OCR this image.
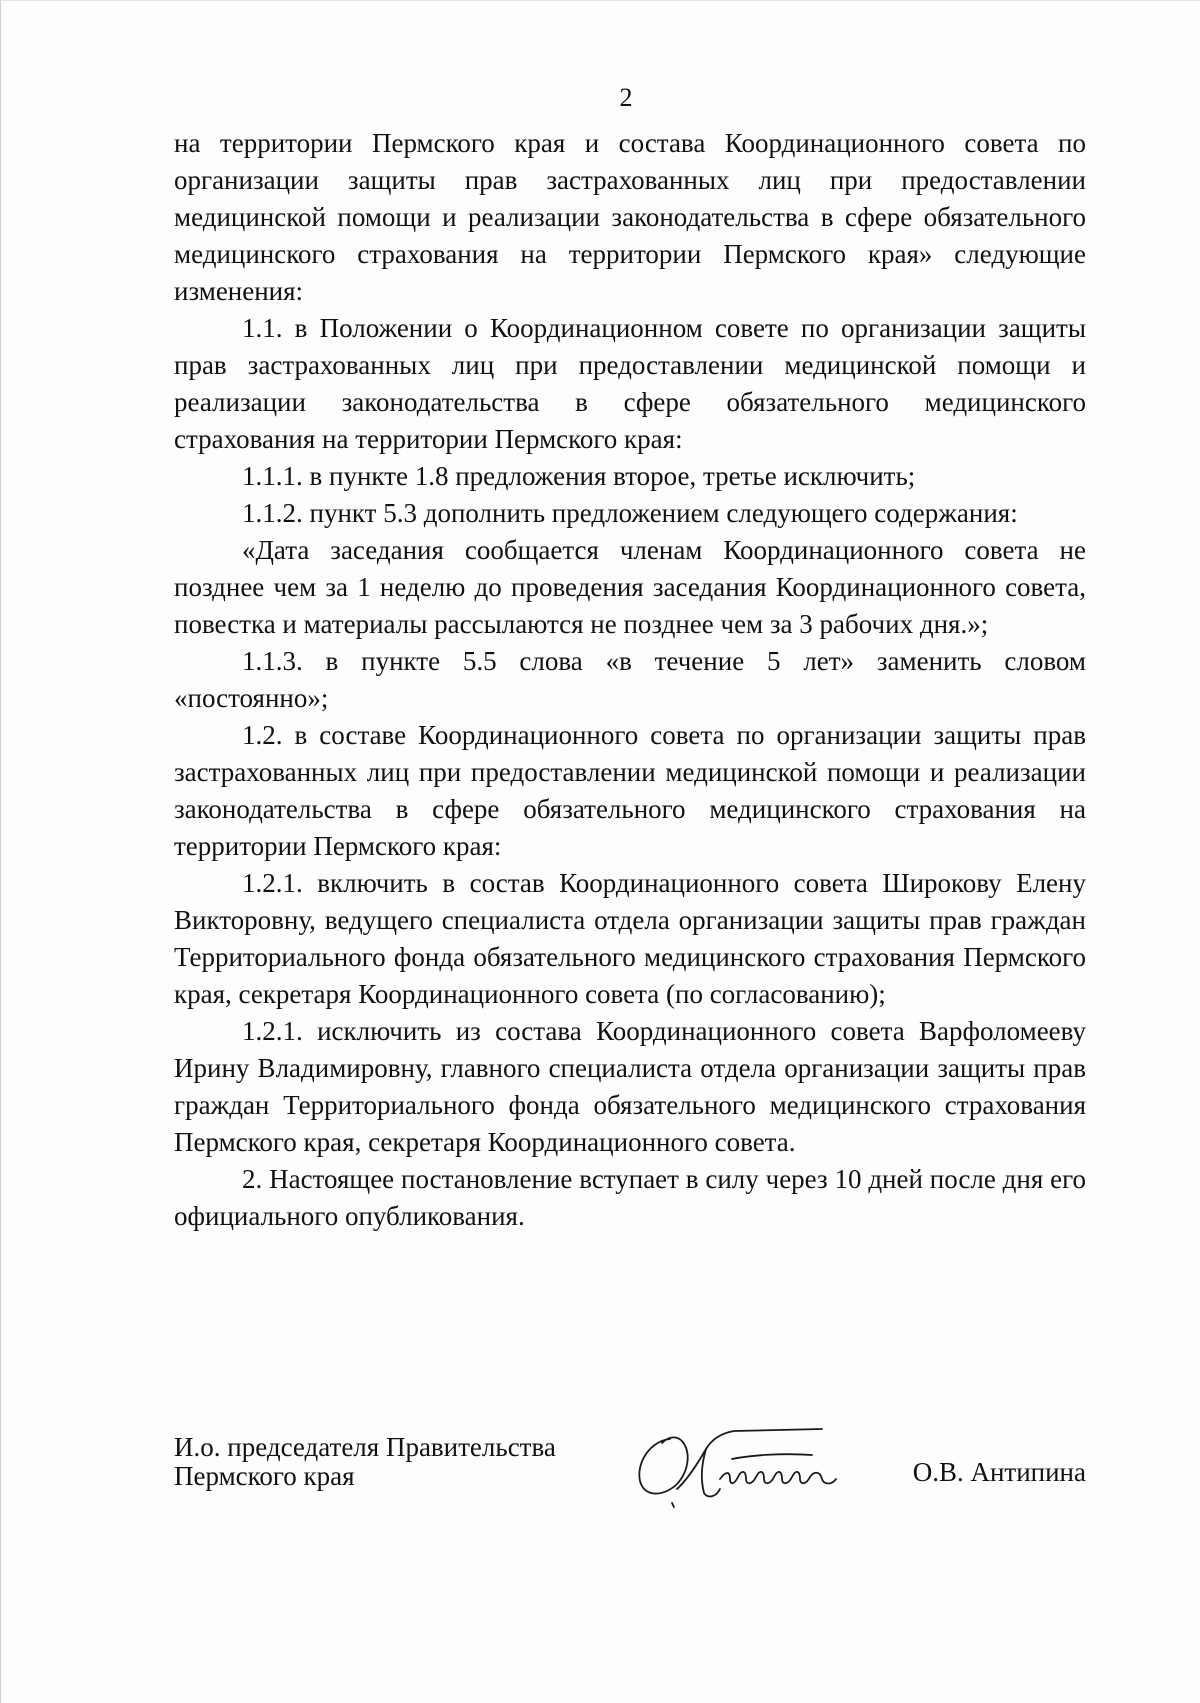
2

на территории Пермского края и состава Координационного совета по организации защиты прав застрахованных лиц при предоставлении медицинской помощи и реализации законодательства в сфере обязательного медицинского страхования на территории Пермского края» следующие изменения:

1.1. в Положении о Координационном совете по организации защиты прав застрахованных лиц при предоставлении медицинской помощи и реализации законодательства в сфере обязательного медицинского страхования на территории Пермского края:

1.1.1. в пункте 1.8 предложения второе, третье исключить;

1.1.2. пункт 5.3 дополнить предложением следующего содержания:

«Дата заседания сообщается членам Координационного совета не позднее чем за 1 неделю до проведения заседания Координационного совета, повестка и материалы рассылаются не позднее чем за 3 рабочих дня.»;

1.1.3. в пункте 5.5 слова «в течение 5 лет» заменить словом «постоянно»;

1.2. в составе Координационного совета по организации защиты прав застрахованных лиц при предоставлении медицинской помощи и реализации законодательства в сфере обязательного медицинского страхования на территории Пермского края:

1.2.1. включить в состав Координационного совета Широкову Елену Викторовну, ведущего специалиста отдела организации защиты прав граждан Территориального фонда обязательного медицинского страхования Пермского края, секретаря Координационного совета (по согласованию);

1.2.1. исключить из состава Координационного совета Варфоломееву Ирину Владимировну, главного специалиста отдела организации защиты прав граждан Территориального фонда обязательного медицинского страхования Пермского края, секретаря Координационного совета.

2. Настоящее постановление вступает в силу через 10 дней после дня его официального опубликования.

И.о. председателя Правительства
Пермского края	О.В. Антипина
